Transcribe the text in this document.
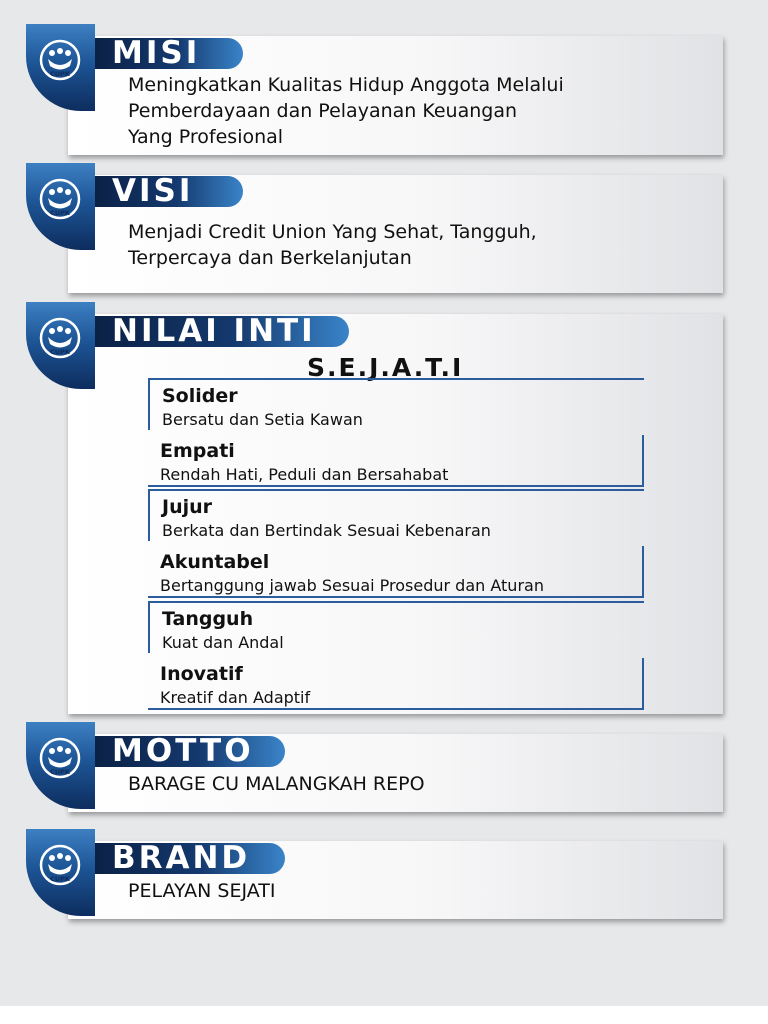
CUPK
MISI
Meningkatkan Kualitas Hidup Anggota Melalui
Pemberdayaan dan Pelayanan Keuangan
Yang Profesional
CUPK
VISI
Menjadi Credit Union Yang Sehat, Tangguh,
Terpercaya dan Berkelanjutan
CUPK
NILAI INTI
S.E.J.A.T.I
Solider
Bersatu dan Setia Kawan
Empati
Rendah Hati, Peduli dan Bersahabat
Jujur
Berkata dan Bertindak Sesuai Kebenaran
Akuntabel
Bertanggung jawab Sesuai Prosedur dan Aturan
Tangguh
Kuat dan Andal
Inovatif
Kreatif dan Adaptif
CUPK
MOTTO
BARAGE CU MALANGKAH REPO
CUPK
BRAND
PELAYAN SEJATI
